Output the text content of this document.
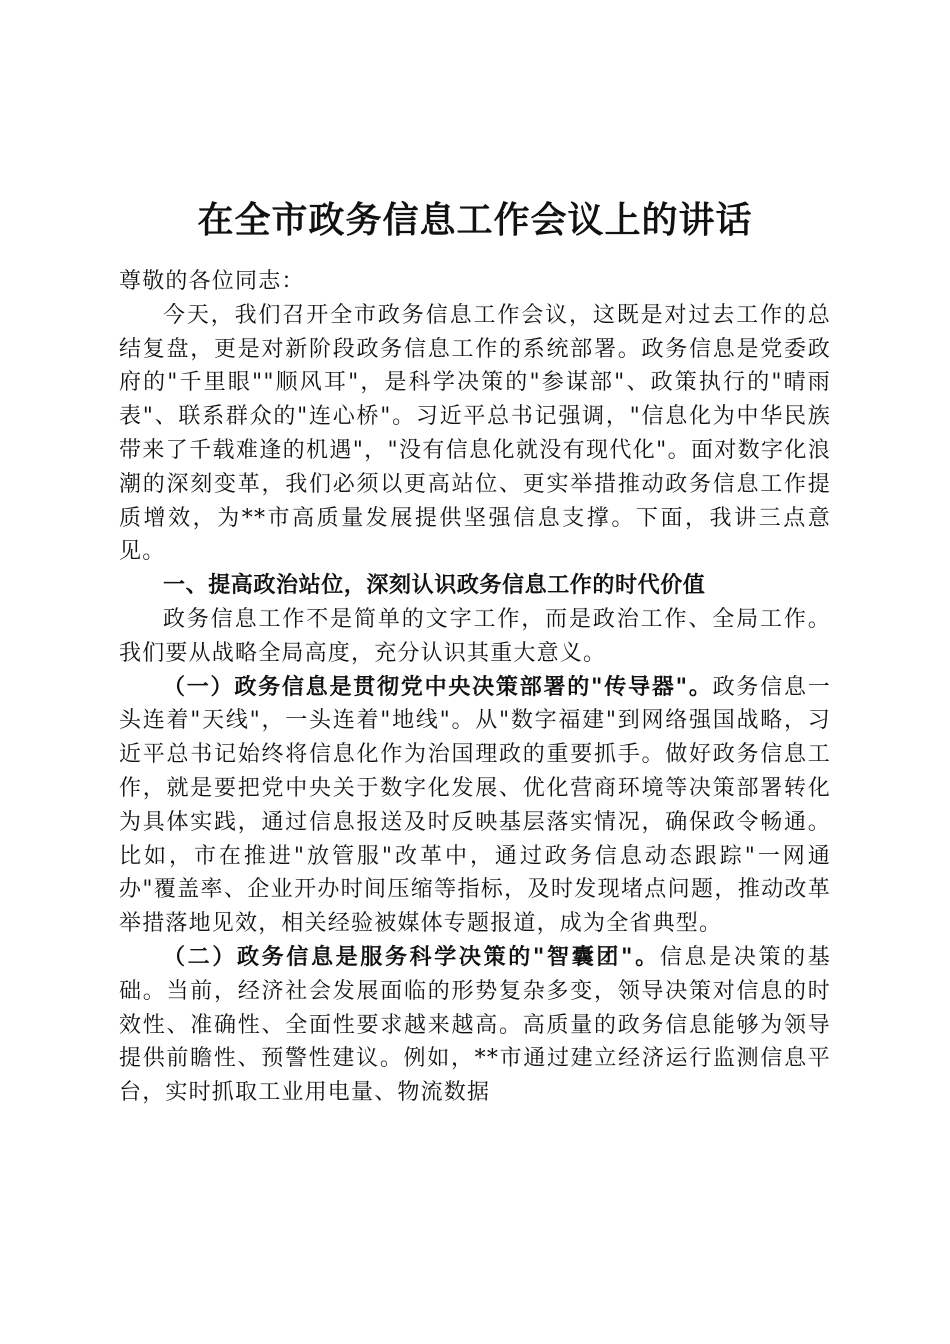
在全市政务信息工作会议上的讲话

尊敬的各位同志：

今天，我们召开全市政务信息工作会议，这既是对过去工作的总结复盘，更是对新阶段政务信息工作的系统部署。政务信息是党委政府的"千里眼""顺风耳"，是科学决策的"参谋部"、政策执行的"晴雨表"、联系群众的"连心桥"。习近平总书记强调，"信息化为中华民族带来了千载难逢的机遇"，"没有信息化就没有现代化"。面对数字化浪潮的深刻变革，我们必须以更高站位、更实举措推动政务信息工作提质增效，为**市高质量发展提供坚强信息支撑。下面，我讲三点意见。

一、提高政治站位，深刻认识政务信息工作的时代价值

政务信息工作不是简单的文字工作，而是政治工作、全局工作。我们要从战略全局高度，充分认识其重大意义。

（一）政务信息是贯彻党中央决策部署的"传导器"。政务信息一头连着"天线"，一头连着"地线"。从"数字福建"到网络强国战略，习近平总书记始终将信息化作为治国理政的重要抓手。做好政务信息工作，就是要把党中央关于数字化发展、优化营商环境等决策部署转化为具体实践，通过信息报送及时反映基层落实情况，确保政令畅通。比如，市在推进"放管服"改革中，通过政务信息动态跟踪"一网通办"覆盖率、企业开办时间压缩等指标，及时发现堵点问题，推动改革举措落地见效，相关经验被媒体专题报道，成为全省典型。

（二）政务信息是服务科学决策的"智囊团"。信息是决策的基础。当前，经济社会发展面临的形势复杂多变，领导决策对信息的时效性、准确性、全面性要求越来越高。高质量的政务信息能够为领导提供前瞻性、预警性建议。例如，**市通过建立经济运行监测信息平台，实时抓取工业用电量、物流数据
